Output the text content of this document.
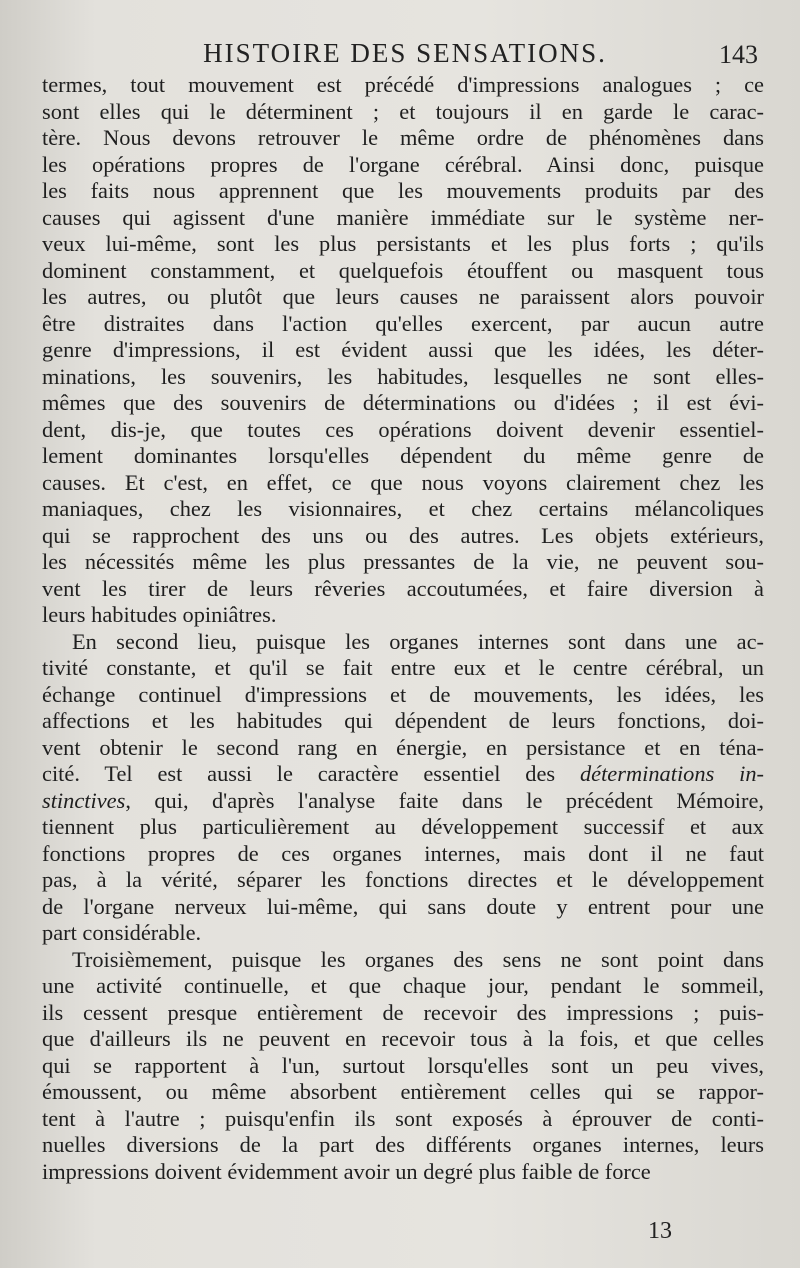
HISTOIRE DES SENSATIONS.	143
termes, tout mouvement est précédé d'impressions analogues ; ce
sont elles qui le déterminent ; et toujours il en garde le carac-
tère. Nous devons retrouver le même ordre de phénomènes dans
les opérations propres de l'organe cérébral. Ainsi donc, puisque
les faits nous apprennent que les mouvements produits par des
causes qui agissent d'une manière immédiate sur le système ner-
veux lui-même, sont les plus persistants et les plus forts ; qu'ils
dominent constamment, et quelquefois étouffent ou masquent tous
les autres, ou plutôt que leurs causes ne paraissent alors pouvoir
être distraites dans l'action qu'elles exercent, par aucun autre
genre d'impressions, il est évident aussi que les idées, les déter-
minations, les souvenirs, les habitudes, lesquelles ne sont elles-
mêmes que des souvenirs de déterminations ou d'idées ; il est évi-
dent, dis-je, que toutes ces opérations doivent devenir essentiel-
lement dominantes lorsqu'elles dépendent du même genre de
causes. Et c'est, en effet, ce que nous voyons clairement chez les
maniaques, chez les visionnaires, et chez certains mélancoliques
qui se rapprochent des uns ou des autres. Les objets extérieurs,
les nécessités même les plus pressantes de la vie, ne peuvent sou-
vent les tirer de leurs rêveries accoutumées, et faire diversion à
leurs habitudes opiniâtres.
En second lieu, puisque les organes internes sont dans une ac-
tivité constante, et qu'il se fait entre eux et le centre cérébral, un
échange continuel d'impressions et de mouvements, les idées, les
affections et les habitudes qui dépendent de leurs fonctions, doi-
vent obtenir le second rang en énergie, en persistance et en téna-
cité. Tel est aussi le caractère essentiel des déterminations in-
stinctives, qui, d'après l'analyse faite dans le précédent Mémoire,
tiennent plus particulièrement au développement successif et aux
fonctions propres de ces organes internes, mais dont il ne faut
pas, à la vérité, séparer les fonctions directes et le développement
de l'organe nerveux lui-même, qui sans doute y entrent pour une
part considérable.
Troisièmement, puisque les organes des sens ne sont point dans
une activité continuelle, et que chaque jour, pendant le sommeil,
ils cessent presque entièrement de recevoir des impressions ; puis-
que d'ailleurs ils ne peuvent en recevoir tous à la fois, et que celles
qui se rapportent à l'un, surtout lorsqu'elles sont un peu vives,
émoussent, ou même absorbent entièrement celles qui se rappor-
tent à l'autre ; puisqu'enfin ils sont exposés à éprouver de conti-
nuelles diversions de la part des différents organes internes, leurs
impressions doivent évidemment avoir un degré plus faible de force
13
